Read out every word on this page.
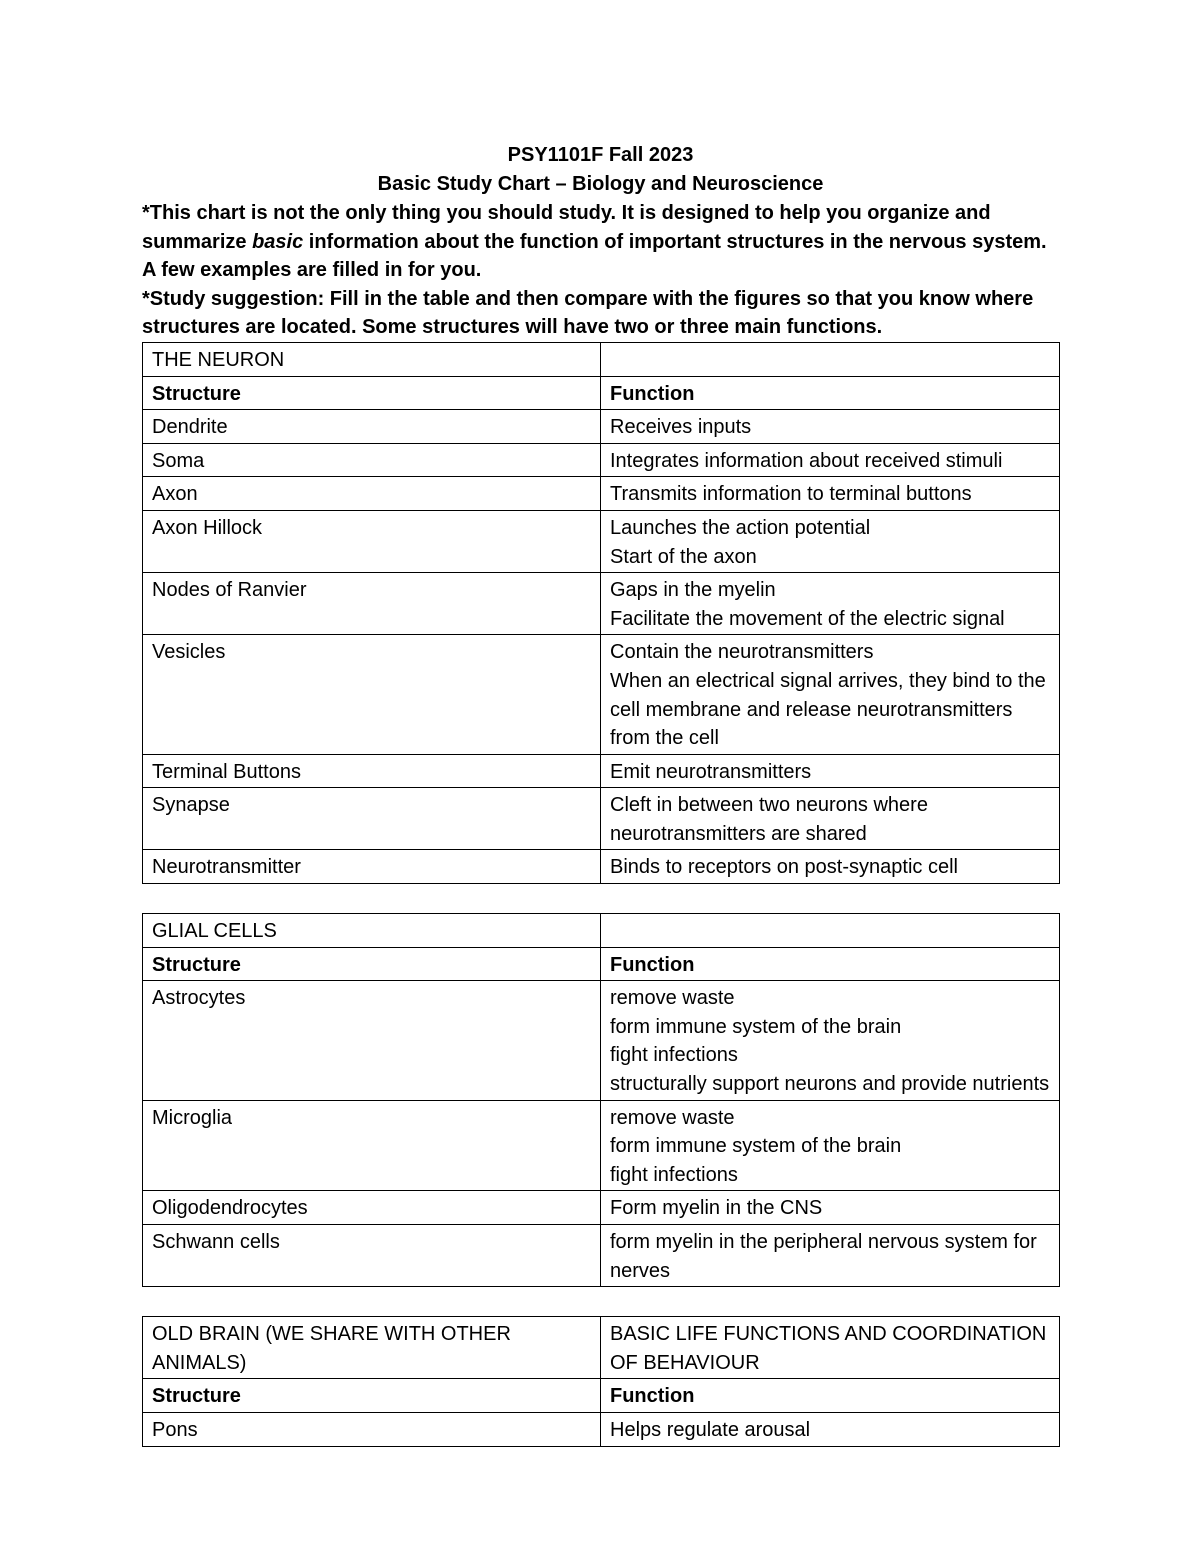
PSY1101F Fall 2023
Basic Study Chart – Biology and Neuroscience

*This chart is not the only thing you should study. It is designed to help you organize and summarize basic information about the function of important structures in the nervous system. A few examples are filled in for you.

*Study suggestion: Fill in the table and then compare with the figures so that you know where structures are located. Some structures will have two or three main functions.

THE NEURON	
Structure	Function
Dendrite	Receives inputs

Soma	Integrates information about received stimuli

Axon	Transmits information to terminal buttons

Axon Hillock	Launches the action potential
Start of the axon

Nodes of Ranvier	Gaps in the myelin
Facilitate the movement of the electric signal

Vesicles	Contain the neurotransmitters
When an electrical signal arrives, they bind to the cell membrane and release neurotransmitters from the cell

Terminal Buttons	Emit neurotransmitters

Synapse	Cleft in between two neurons where neurotransmitters are shared

Neurotransmitter	Binds to receptors on post-synaptic cell
GLIAL CELLS	
Structure	Function
Astrocytes	remove waste
form immune system of the brain
fight infections
structurally support neurons and provide nutrients

Microglia	remove waste
form immune system of the brain
fight infections

Oligodendrocytes	Form myelin in the CNS

Schwann cells	form myelin in the peripheral nervous system for nerves
OLD BRAIN (WE SHARE WITH OTHER ANIMALS)	BASIC LIFE FUNCTIONS AND COORDINATION OF BEHAVIOUR
Structure	Function
Pons	Helps regulate arousal
